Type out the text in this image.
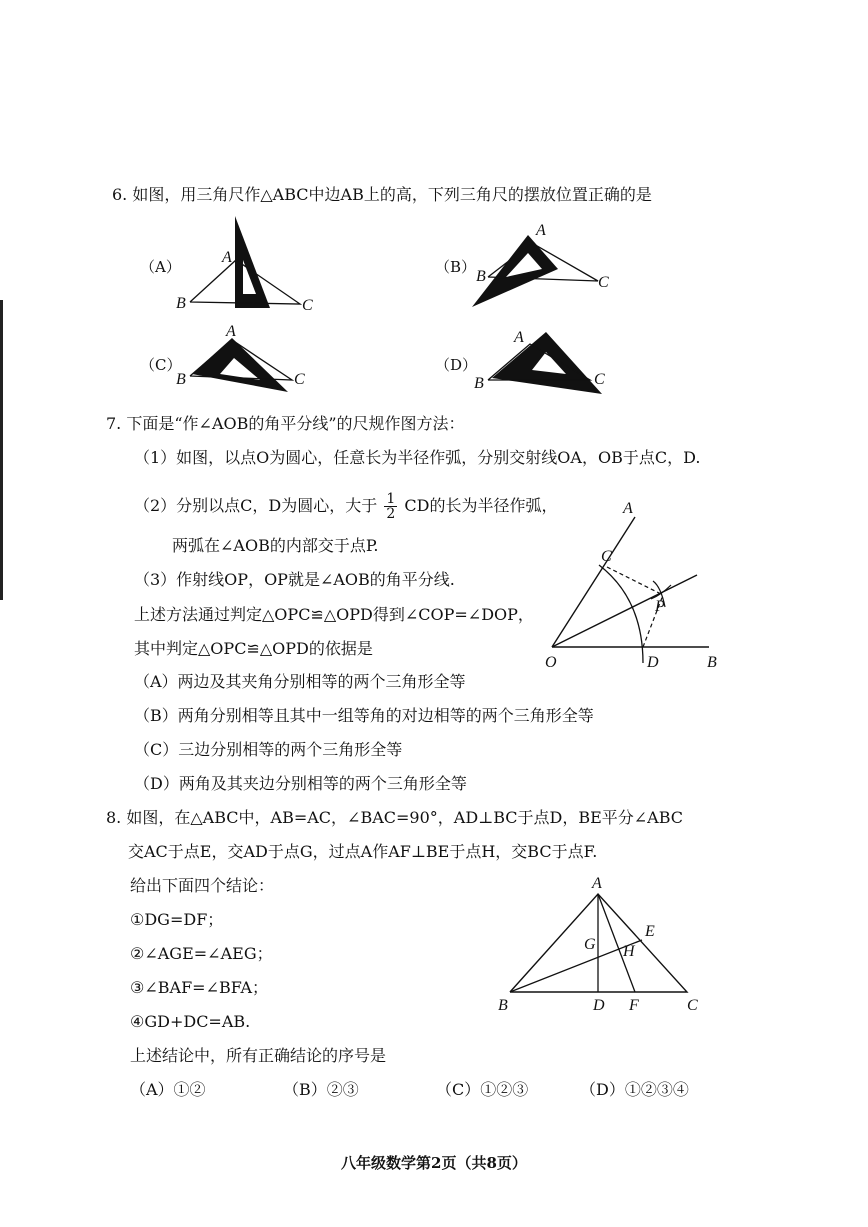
6. 如图，用三角尺作△ABC中边AB上的高，下列三角尺的摆放位置正确的是
（A）
A
B	C
（B）
A
B	C
（C）
A
B	C
（D）
A
B	C
7. 下面是“作∠AOB的角平分线”的尺规作图方法：
（1）如图，以点O为圆心，任意长为半径作弧，分别交射线OA，OB于点C，D.
（2）分别以点C，D为圆心，大于 $\frac{1}{2}$ CD的长为半径作弧，
两弧在∠AOB的内部交于点P.
（3）作射线OP，OP就是∠AOB的角平分线.
上述方法通过判定△OPC≌△OPD得到∠COP=∠DOP，
其中判定△OPC≌△OPD的依据是
（A）两边及其夹角分别相等的两个三角形全等
（B）两角分别相等且其中一组等角的对边相等的两个三角形全等
（C）三边分别相等的两个三角形全等
（D）两角及其夹边分别相等的两个三角形全等
A
C
P
O	D	B
8. 如图，在△ABC中，AB=AC，∠BAC=90°，AD⊥BC于点D，BE平分∠ABC
交AC于点E，交AD于点G，过点A作AF⊥BE于点H，交BC于点F.
给出下面四个结论：
①DG=DF；
②∠AGE=∠AEG；
③∠BAF=∠BFA；
④GD+DC=AB.
上述结论中，所有正确结论的序号是
（A）①②	（B）②③	（C）①②③	（D）①②③④
A
B	C
D F
E
G H
八年级数学第2页（共8页）
